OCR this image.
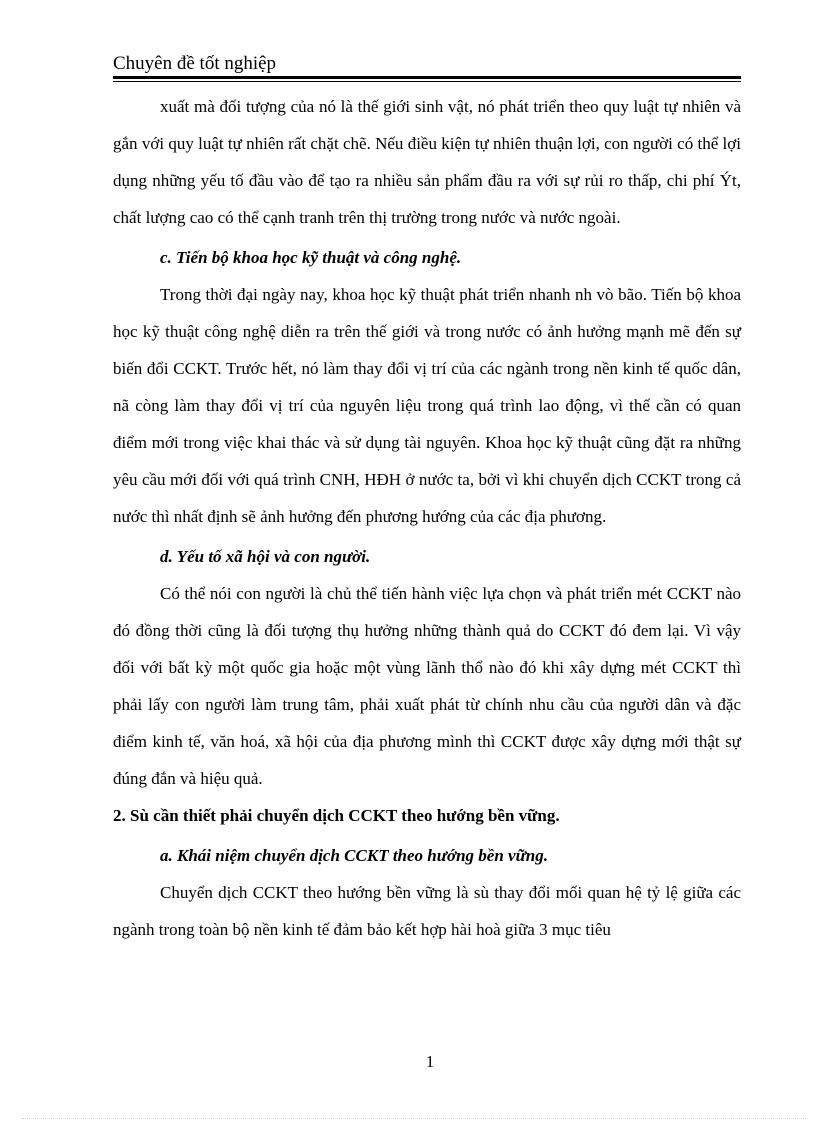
Chuyên đề tốt nghiệp

xuất mà đối tượng của nó là thế giới sinh vật, nó phát triển theo quy luật tự nhiên và gắn với quy luật tự nhiên rất chặt chẽ. Nếu điều kiện tự nhiên thuận lợi, con người có thể lợi dụng những yếu tố đầu vào để tạo ra nhiều sản phẩm đầu ra với sự rủi ro thấp, chi phí Ýt, chất lượng cao có thể cạnh tranh trên thị trường trong nước và nước ngoài.

c. Tiến bộ khoa học kỹ thuật và công nghệ.

Trong thời đại ngày nay, khoa học kỹ thuật phát triển nhanh nh vò bão. Tiến bộ khoa học kỹ thuật công nghệ diễn ra trên thế giới và trong nước có ảnh hưởng mạnh mẽ đến sự biến đổi CCKT. Trước hết, nó làm thay đổi vị trí của các ngành trong nền kinh tế quốc dân, nã còng làm thay đổi vị trí của nguyên liệu trong quá trình lao động, vì thế cần có quan điểm mới trong việc khai thác và sử dụng tài nguyên. Khoa học kỹ thuật cũng đặt ra những yêu cầu mới đối với quá trình CNH, HĐH ở nước ta, bởi vì khi chuyển dịch CCKT trong cả nước thì nhất định sẽ ảnh hưởng đến phương hướng của các địa phương.

d. Yếu tố xã hội và con người.

Có thể nói con người là chủ thể tiến hành việc lựa chọn và phát triển mét CCKT nào đó đồng thời cũng là đối tượng thụ hưởng những thành quả do CCKT đó đem lại. Vì vậy đối với bất kỳ một quốc gia hoặc một vùng lãnh thổ nào đó khi xây dựng mét CCKT thì phải lấy con người làm trung tâm, phải xuất phát từ chính nhu cầu của người dân và đặc điểm kinh tế, văn hoá, xã hội của địa phương mình thì CCKT được xây dựng mới thật sự đúng đắn và hiệu quả.

2. Sù cần thiết phải chuyển dịch CCKT theo hướng bền vững.

a. Khái niệm chuyển dịch CCKT theo hướng bền vững.

Chuyển dịch CCKT theo hướng bền vững là sù thay đổi mối quan hệ tỷ lệ giữa các ngành trong toàn bộ nền kinh tế đảm bảo kết hợp hài hoà giữa 3 mục tiêu

1
